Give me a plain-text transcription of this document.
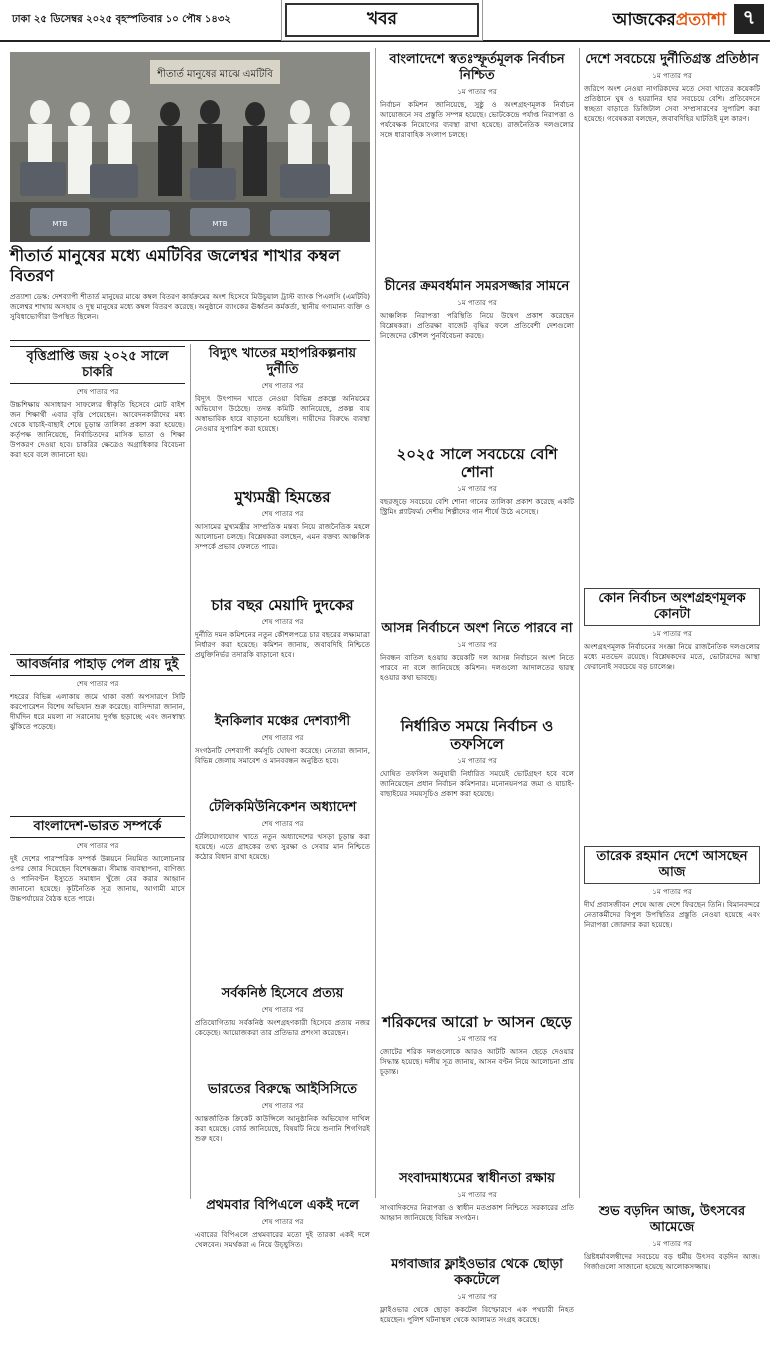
ঢাকা ২৫ ডিসেম্বর ২০২৫ বৃহস্পতিবার ১০ পৌষ ১৪৩২	খবর	আজকেরপ্রত্যাশা ৭
শীতার্ত মানুষের মাঝে এমটিবি
MTB	MTB
শীতার্ত মানুষের মধ্যে এমটিবির জলেশ্বর শাখার কম্বল বিতরণ

প্রত্যাশা ডেস্ক: দেশব্যাপী শীতার্ত মানুষের মাঝে কম্বল বিতরণ কার্যক্রমের অংশ হিসেবে মিউচুয়াল ট্রাস্ট ব্যাংক পিএলসি (এমটিবি) জলেশ্বর শাখায় অসহায় ও দুস্থ মানুষের মধ্যে কম্বল বিতরণ করেছে। অনুষ্ঠানে ব্যাংকের ঊর্ধ্বতন কর্মকর্তা, স্থানীয় গণ্যমান্য ব্যক্তি ও সুবিধাভোগীরা উপস্থিত ছিলেন।

বৃত্তিপ্রাপ্তি জয় ২০২৫ সালে চাকরি
শেষ পাতার পর

উচ্চশিক্ষায় অসাধারণ সাফল্যের স্বীকৃতি হিসেবে মোট বাইশ জন শিক্ষার্থী এবার বৃত্তি পেয়েছেন। আবেদনকারীদের মধ্য থেকে যাচাই-বাছাই শেষে চূড়ান্ত তালিকা প্রকাশ করা হয়েছে। কর্তৃপক্ষ জানিয়েছে, নির্বাচিতদের মাসিক ভাতা ও শিক্ষা উপকরণ দেওয়া হবে। চাকরির ক্ষেত্রেও অগ্রাধিকার বিবেচনা করা হবে বলে জানানো হয়।

আবর্জনার পাহাড় পেল প্রায় দুই
শেষ পাতার পর

শহরের বিভিন্ন এলাকায় জমে থাকা বর্জ্য অপসারণে সিটি করপোরেশন বিশেষ অভিযান শুরু করেছে। বাসিন্দারা জানান, দীর্ঘদিন ধরে ময়লা না সরানোয় দুর্গন্ধ ছড়াচ্ছে এবং জনস্বাস্থ্য ঝুঁকিতে পড়েছে।

বাংলাদেশ-ভারত সম্পর্কে
শেষ পাতার পর

দুই দেশের পারস্পরিক সম্পর্ক উন্নয়নে নিয়মিত আলোচনার ওপর জোর দিয়েছেন বিশেষজ্ঞরা। সীমান্ত ব্যবস্থাপনা, বাণিজ্য ও পানিবণ্টন ইস্যুতে সমাধান খুঁজে বের করার আহ্বান জানানো হয়েছে। কূটনৈতিক সূত্র জানায়, আগামী মাসে উচ্চপর্যায়ের বৈঠক হতে পারে।

বিদ্যুৎ খাতের মহাপরিকল্পনায় দুর্নীতি
শেষ পাতার পর

বিদ্যুৎ উৎপাদন খাতে নেওয়া বিভিন্ন প্রকল্পে অনিয়মের অভিযোগ উঠেছে। তদন্ত কমিটি জানিয়েছে, প্রকল্প ব্যয় অস্বাভাবিক হারে বাড়ানো হয়েছিল। দায়ীদের বিরুদ্ধে ব্যবস্থা নেওয়ার সুপারিশ করা হয়েছে।

মুখ্যমন্ত্রী হিমন্তের
শেষ পাতার পর

আসামের মুখ্যমন্ত্রীর সাম্প্রতিক মন্তব্য নিয়ে রাজনৈতিক মহলে আলোচনা চলছে। বিশ্লেষকরা বলছেন, এমন বক্তব্য আঞ্চলিক সম্পর্কে প্রভাব ফেলতে পারে।

চার বছর মেয়াদি দুদকের
শেষ পাতার পর

দুর্নীতি দমন কমিশনের নতুন কৌশলপত্রে চার বছরের লক্ষ্যমাত্রা নির্ধারণ করা হয়েছে। কমিশন জানায়, জবাবদিহি নিশ্চিতে প্রযুক্তিনির্ভর তদারকি বাড়ানো হবে।

ইনকিলাব মঞ্চের দেশব্যাপী
শেষ পাতার পর

সংগঠনটি দেশব্যাপী কর্মসূচি ঘোষণা করেছে। নেতারা জানান, বিভিন্ন জেলায় সমাবেশ ও মানববন্ধন অনুষ্ঠিত হবে।

টেলিকমিউনিকেশন অধ্যাদেশ
শেষ পাতার পর

টেলিযোগাযোগ খাতে নতুন অধ্যাদেশের খসড়া চূড়ান্ত করা হয়েছে। এতে গ্রাহকের তথ্য সুরক্ষা ও সেবার মান নিশ্চিতে কঠোর বিধান রাখা হয়েছে।

সর্বকনিষ্ঠ হিসেবে প্রত্যয়
শেষ পাতার পর

প্রতিযোগিতায় সর্বকনিষ্ঠ অংশগ্রহণকারী হিসেবে প্রত্যয় নজর কেড়েছে। আয়োজকরা তার প্রতিভার প্রশংসা করেছেন।

ভারতের বিরুদ্ধে আইসিসিতে
শেষ পাতার পর

আন্তর্জাতিক ক্রিকেট কাউন্সিলে আনুষ্ঠানিক অভিযোগ দাখিল করা হয়েছে। বোর্ড জানিয়েছে, বিষয়টি নিয়ে শুনানি শিগগিরই শুরু হবে।

প্রথমবার বিপিএলে একই দলে
শেষ পাতার পর

এবারের বিপিএলে প্রথমবারের মতো দুই তারকা একই দলে খেলবেন। সমর্থকরা এ নিয়ে উচ্ছ্বসিত।

বাংলাদেশে স্বতঃস্ফূর্তমূলক নির্বাচন নিশ্চিত
১ম পাতার পর

নির্বাচন কমিশন জানিয়েছে, সুষ্ঠু ও অংশগ্রহণমূলক নির্বাচন আয়োজনে সব প্রস্তুতি সম্পন্ন হয়েছে। ভোটকেন্দ্রে পর্যাপ্ত নিরাপত্তা ও পর্যবেক্ষক নিয়োগের ব্যবস্থা রাখা হয়েছে। রাজনৈতিক দলগুলোর সঙ্গে ধারাবাহিক সংলাপ চলছে।

চীনের ক্রমবর্ধমান সমরসজ্জার সামনে
১ম পাতার পর

আঞ্চলিক নিরাপত্তা পরিস্থিতি নিয়ে উদ্বেগ প্রকাশ করেছেন বিশ্লেষকরা। প্রতিরক্ষা বাজেট বৃদ্ধির ফলে প্রতিবেশী দেশগুলো নিজেদের কৌশল পুনর্বিবেচনা করছে।

২০২৫ সালে সবচেয়ে বেশি শোনা
১ম পাতার পর

বছরজুড়ে সবচেয়ে বেশি শোনা গানের তালিকা প্রকাশ করেছে একটি স্ট্রিমিং প্ল্যাটফর্ম। দেশীয় শিল্পীদের গান শীর্ষে উঠে এসেছে।

আসন্ন নির্বাচনে অংশ নিতে পারবে না
১ম পাতার পর

নিবন্ধন বাতিল হওয়ায় কয়েকটি দল আসন্ন নির্বাচনে অংশ নিতে পারবে না বলে জানিয়েছে কমিশন। দলগুলো আদালতের দ্বারস্থ হওয়ার কথা ভাবছে।

নির্ধারিত সময়ে নির্বাচন ও তফসিলে
১ম পাতার পর

ঘোষিত তফসিল অনুযায়ী নির্ধারিত সময়েই ভোটগ্রহণ হবে বলে জানিয়েছেন প্রধান নির্বাচন কমিশনার। মনোনয়নপত্র জমা ও যাচাই-বাছাইয়ের সময়সূচিও প্রকাশ করা হয়েছে।

শরিকদের আরো ৮ আসন ছেড়ে
১ম পাতার পর

জোটের শরিক দলগুলোকে আরও আটটি আসন ছেড়ে দেওয়ার সিদ্ধান্ত হয়েছে। দলীয় সূত্র জানায়, আসন বণ্টন নিয়ে আলোচনা প্রায় চূড়ান্ত।

সংবাদমাধ্যমের স্বাধীনতা রক্ষায়
১ম পাতার পর

সাংবাদিকদের নিরাপত্তা ও স্বাধীন মতপ্রকাশ নিশ্চিতে সরকারের প্রতি আহ্বান জানিয়েছে বিভিন্ন সংগঠন।

মগবাজার ফ্লাইওভার থেকে ছোড়া ককটেলে
১ম পাতার পর

ফ্লাইওভার থেকে ছোড়া ককটেল বিস্ফোরণে এক পথচারী নিহত হয়েছেন। পুলিশ ঘটনাস্থল থেকে আলামত সংগ্রহ করেছে।

দেশে সবচেয়ে দুর্নীতিগ্রস্ত প্রতিষ্ঠান
১ম পাতার পর

জরিপে অংশ নেওয়া নাগরিকদের মতে সেবা খাতের কয়েকটি প্রতিষ্ঠানে ঘুষ ও হয়রানির হার সবচেয়ে বেশি। প্রতিবেদনে স্বচ্ছতা বাড়াতে ডিজিটাল সেবা সম্প্রসারণের সুপারিশ করা হয়েছে। গবেষকরা বলছেন, জবাবদিহির ঘাটতিই মূল কারণ।

কোন নির্বাচন অংশগ্রহণমূলক কোনটা
১ম পাতার পর

অংশগ্রহণমূলক নির্বাচনের সংজ্ঞা নিয়ে রাজনৈতিক দলগুলোর মধ্যে মতভেদ রয়েছে। বিশ্লেষকদের মতে, ভোটারদের আস্থা ফেরানোই সবচেয়ে বড় চ্যালেঞ্জ।

তারেক রহমান দেশে আসছেন আজ
১ম পাতার পর

দীর্ঘ প্রবাসজীবন শেষে আজ দেশে ফিরছেন তিনি। বিমানবন্দরে নেতাকর্মীদের বিপুল উপস্থিতির প্রস্তুতি নেওয়া হয়েছে এবং নিরাপত্তা জোরদার করা হয়েছে।

শুভ বড়দিন আজ, উৎসবের আমেজে
১ম পাতার পর

খ্রিষ্টধর্মাবলম্বীদের সবচেয়ে বড় ধর্মীয় উৎসব বড়দিন আজ। গির্জাগুলো সাজানো হয়েছে আলোকসজ্জায়।
